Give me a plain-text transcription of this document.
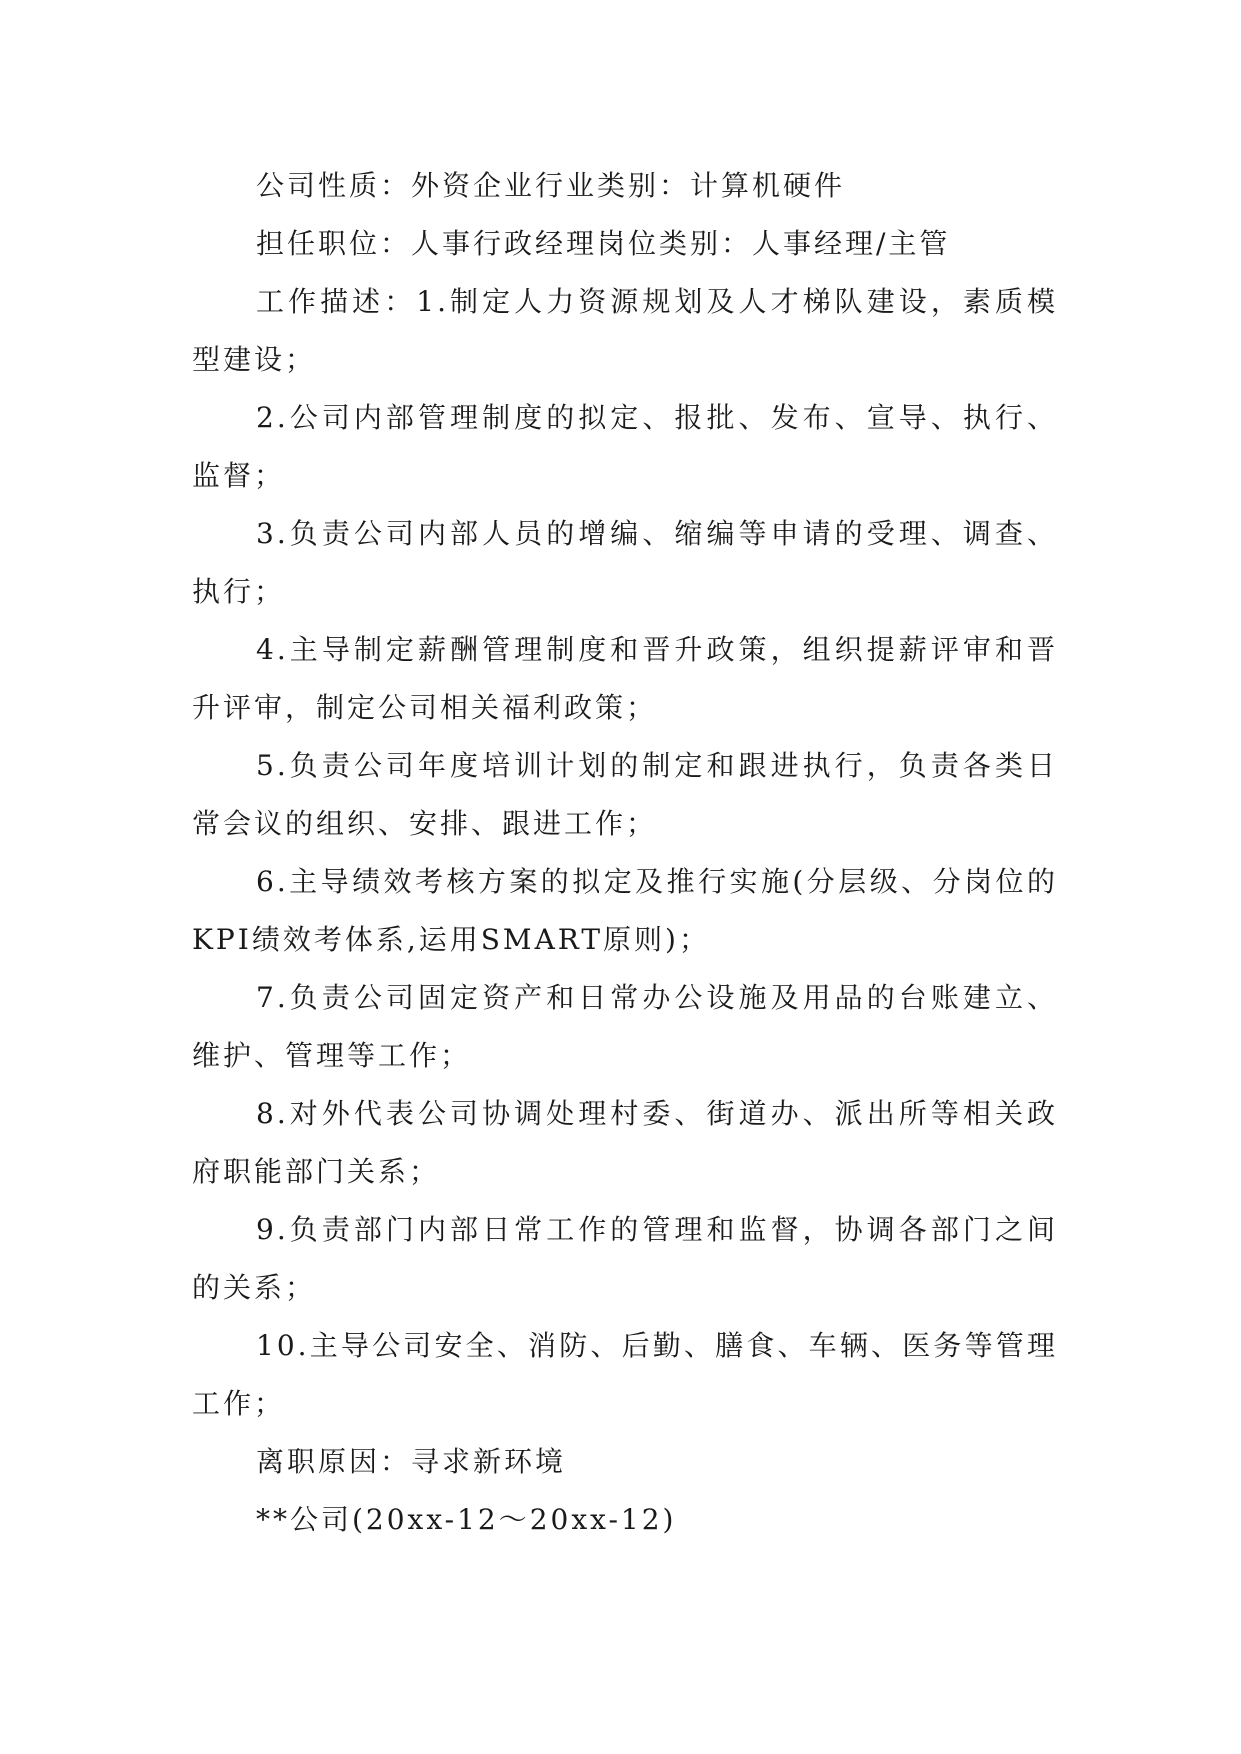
公司性质：外资企业行业类别：计算机硬件

担任职位：人事行政经理岗位类别：人事经理/主管

工作描述：1.制定人力资源规划及人才梯队建设，素质模型建设；

2.公司内部管理制度的拟定、报批、发布、宣导、执行、监督；

3.负责公司内部人员的增编、缩编等申请的受理、调查、执行；

4.主导制定薪酬管理制度和晋升政策，组织提薪评审和晋升评审，制定公司相关福利政策；

5.负责公司年度培训计划的制定和跟进执行，负责各类日常会议的组织、安排、跟进工作；

6.主导绩效考核方案的拟定及推行实施(分层级、分岗位的KPI绩效考体系,运用SMART原则)；

7.负责公司固定资产和日常办公设施及用品的台账建立、维护、管理等工作；

8.对外代表公司协调处理村委、街道办、派出所等相关政府职能部门关系；

9.负责部门内部日常工作的管理和监督，协调各部门之间的关系；

10.主导公司安全、消防、后勤、膳食、车辆、医务等管理工作；

离职原因：寻求新环境

**公司(20xx-12～20xx-12)
